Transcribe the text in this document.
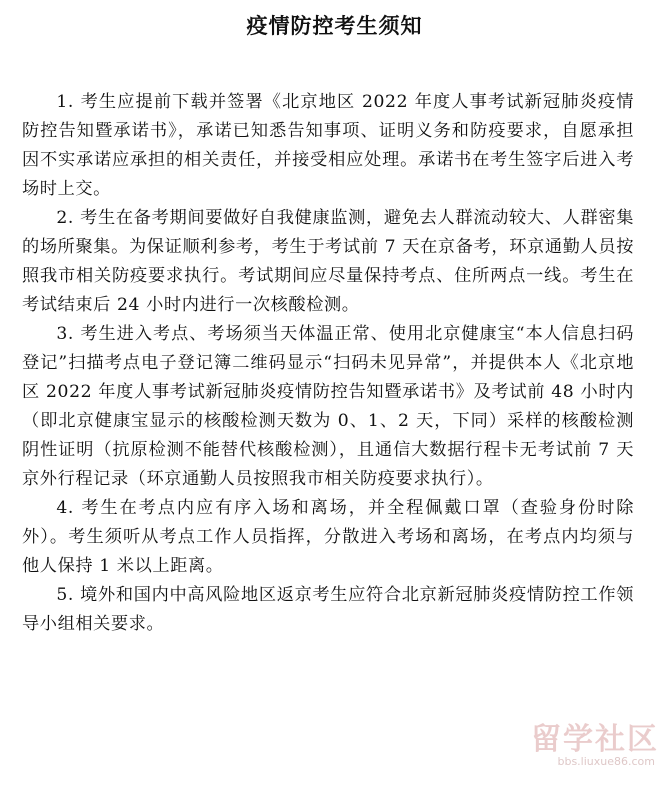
疫情防控考生须知

1. 考生应提前下载并签署《北京地区 2022 年度人事考试新冠肺炎疫情防控告知暨承诺书》，承诺已知悉告知事项、证明义务和防疫要求，自愿承担因不实承诺应承担的相关责任，并接受相应处理。承诺书在考生签字后进入考场时上交。

2. 考生在备考期间要做好自我健康监测，避免去人群流动较大、人群密集的场所聚集。为保证顺利参考，考生于考试前 7 天在京备考，环京通勤人员按照我市相关防疫要求执行。考试期间应尽量保持考点、住所两点一线。考生在考试结束后 24 小时内进行一次核酸检测。

3. 考生进入考点、考场须当天体温正常、使用北京健康宝“本人信息扫码登记”扫描考点电子登记簿二维码显示“扫码未见异常”，并提供本人《北京地区 2022 年度人事考试新冠肺炎疫情防控告知暨承诺书》及考试前 48 小时内（即北京健康宝显示的核酸检测天数为 0、1、2 天，下同）采样的核酸检测阴性证明（抗原检测不能替代核酸检测），且通信大数据行程卡无考试前 7 天京外行程记录（环京通勤人员按照我市相关防疫要求执行）。

4. 考生在考点内应有序入场和离场，并全程佩戴口罩（查验身份时除外）。考生须听从考点工作人员指挥，分散进入考场和离场，在考点内均须与他人保持 1 米以上距离。

5. 境外和国内中高风险地区返京考生应符合北京新冠肺炎疫情防控工作领导小组相关要求。

留学社区
bbs.liuxue86.com
